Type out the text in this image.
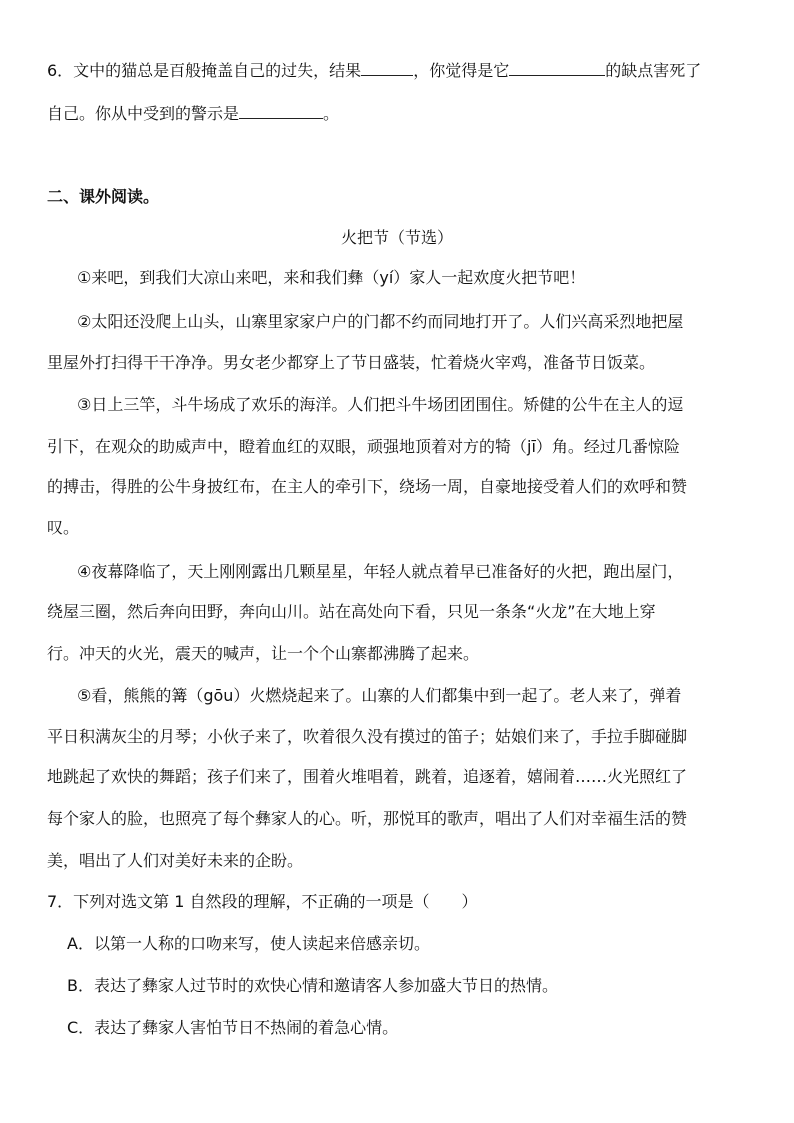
6．文中的猫总是百般掩盖自己的过失，结果	，你觉得是它	的缺点害死了
自己。你从中受到的警示是	。
二、课外阅读。
火把节（节选）
①来吧，到我们大凉山来吧，来和我们彝（yí）家人一起欢度火把节吧！
②太阳还没爬上山头，山寨里家家户户的门都不约而同地打开了。人们兴高采烈地把屋
里屋外打扫得干干净净。男女老少都穿上了节日盛装，忙着烧火宰鸡，准备节日饭菜。
③日上三竿，斗牛场成了欢乐的海洋。人们把斗牛场团团围住。矫健的公牛在主人的逗
引下，在观众的助威声中，瞪着血红的双眼，顽强地顶着对方的犄（jī）角。经过几番惊险
的搏击，得胜的公牛身披红布，在主人的牵引下，绕场一周，自豪地接受着人们的欢呼和赞
叹。
④夜幕降临了，天上刚刚露出几颗星星，年轻人就点着早已准备好的火把，跑出屋门，
绕屋三圈，然后奔向田野，奔向山川。站在高处向下看，只见一条条“火龙”在大地上穿
行。冲天的火光，震天的喊声，让一个个山寨都沸腾了起来。
⑤看，熊熊的篝（gōu）火燃烧起来了。山寨的人们都集中到一起了。老人来了，弹着
平日积满灰尘的月琴；小伙子来了，吹着很久没有摸过的笛子；姑娘们来了，手拉手脚碰脚
地跳起了欢快的舞蹈；孩子们来了，围着火堆唱着，跳着，追逐着，嬉闹着……火光照红了
每个家人的脸，也照亮了每个彝家人的心。听，那悦耳的歌声，唱出了人们对幸福生活的赞
美，唱出了人们对美好未来的企盼。
7．下列对选文第 1 自然段的理解，不正确的一项是（　　）
A．以第一人称的口吻来写，使人读起来倍感亲切。
B．表达了彝家人过节时的欢快心情和邀请客人参加盛大节日的热情。
C．表达了彝家人害怕节日不热闹的着急心情。
